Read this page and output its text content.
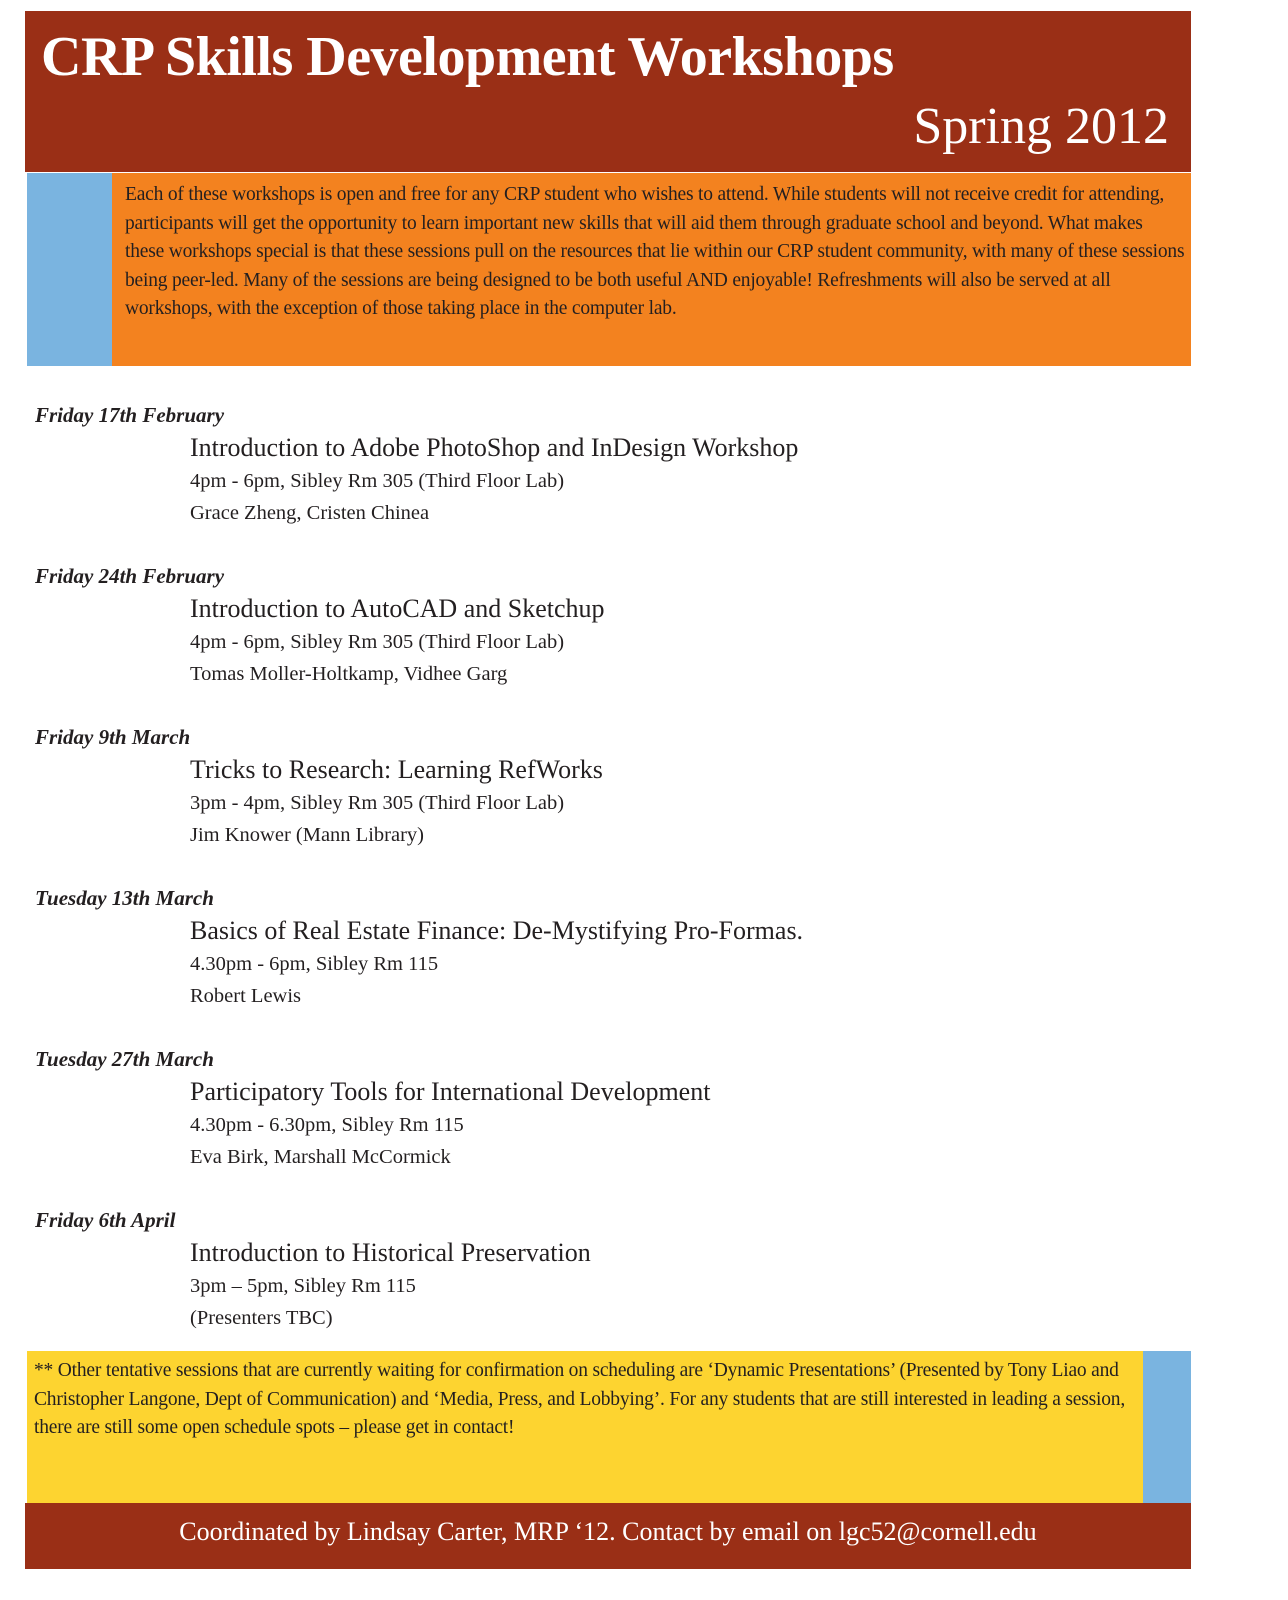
CRP Skills Development Workshops
Spring 2012
Each of these workshops is open and free for any CRP student who wishes to attend. While students will not receive credit for attending, participants will get the opportunity to learn important new skills that will aid them through graduate school and beyond. What makes these workshops special is that these sessions pull on the resources that lie within our CRP student community, with many of these sessions being peer-led. Many of the sessions are being designed to be both useful AND enjoyable! Refreshments will also be served at all workshops, with the exception of those taking place in the computer lab.
Friday 17th February
Introduction to Adobe PhotoShop and InDesign Workshop
4pm - 6pm, Sibley Rm 305 (Third Floor Lab)
Grace Zheng, Cristen Chinea
Friday 24th February
Introduction to AutoCAD and Sketchup
4pm - 6pm, Sibley Rm 305 (Third Floor Lab)
Tomas Moller-Holtkamp, Vidhee Garg
Friday 9th March
Tricks to Research: Learning RefWorks
3pm - 4pm, Sibley Rm 305 (Third Floor Lab)
Jim Knower (Mann Library)
Tuesday 13th March
Basics of Real Estate Finance: De-Mystifying Pro-Formas.
4.30pm - 6pm, Sibley Rm 115
Robert Lewis
Tuesday 27th March
Participatory Tools for International Development
4.30pm - 6.30pm, Sibley Rm 115
Eva Birk, Marshall McCormick
Friday 6th April
Introduction to Historical Preservation
3pm – 5pm, Sibley Rm 115
(Presenters TBC)
** Other tentative sessions that are currently waiting for confirmation on scheduling are ‘Dynamic Presentations’ (Presented by Tony Liao and Christopher Langone, Dept of Communication) and ‘Media, Press, and Lobbying’. For any students that are still interested in leading a session, there are still some open schedule spots – please get in contact!
Coordinated by Lindsay Carter, MRP ‘12. Contact by email on lgc52@cornell.edu
